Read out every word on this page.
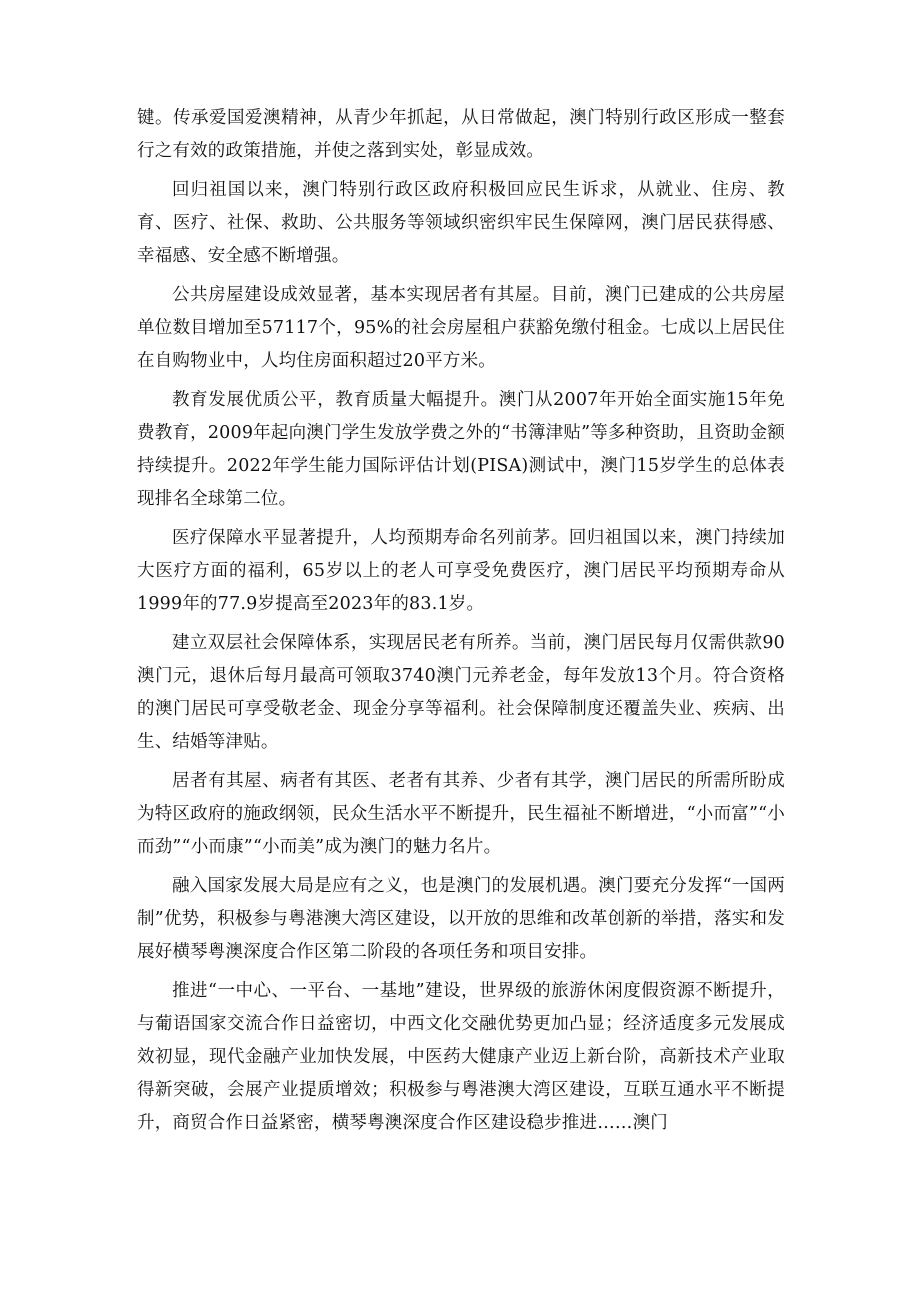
键。传承爱国爱澳精神，从青少年抓起，从日常做起，澳门特别行政区形成一整套行之有效的政策措施，并使之落到实处，彰显成效。

回归祖国以来，澳门特别行政区政府积极回应民生诉求，从就业、住房、教育、医疗、社保、救助、公共服务等领域织密织牢民生保障网，澳门居民获得感、幸福感、安全感不断增强。

公共房屋建设成效显著，基本实现居者有其屋。目前，澳门已建成的公共房屋单位数目增加至57117个，95%的社会房屋租户获豁免缴付租金。七成以上居民住在自购物业中，人均住房面积超过20平方米。

教育发展优质公平，教育质量大幅提升。澳门从2007年开始全面实施15年免费教育，2009年起向澳门学生发放学费之外的“书簿津贴”等多种资助，且资助金额持续提升。2022年学生能力国际评估计划(PISA)测试中，澳门15岁学生的总体表现排名全球第二位。

医疗保障水平显著提升，人均预期寿命名列前茅。回归祖国以来，澳门持续加大医疗方面的福利，65岁以上的老人可享受免费医疗，澳门居民平均预期寿命从1999年的77.9岁提高至2023年的83.1岁。

建立双层社会保障体系，实现居民老有所养。当前，澳门居民每月仅需供款90澳门元，退休后每月最高可领取3740澳门元养老金，每年发放13个月。符合资格的澳门居民可享受敬老金、现金分享等福利。社会保障制度还覆盖失业、疾病、出生、结婚等津贴。

居者有其屋、病者有其医、老者有其养、少者有其学，澳门居民的所需所盼成为特区政府的施政纲领，民众生活水平不断提升，民生福祉不断增进，“小而富”“小而劲”“小而康”“小而美”成为澳门的魅力名片。

融入国家发展大局是应有之义，也是澳门的发展机遇。澳门要充分发挥“一国两制”优势，积极参与粤港澳大湾区建设，以开放的思维和改革创新的举措，落实和发展好横琴粤澳深度合作区第二阶段的各项任务和项目安排。

推进“一中心、一平台、一基地”建设，世界级的旅游休闲度假资源不断提升，与葡语国家交流合作日益密切，中西文化交融优势更加凸显；经济适度多元发展成效初显，现代金融产业加快发展，中医药大健康产业迈上新台阶，高新技术产业取得新突破，会展产业提质增效；积极参与粤港澳大湾区建设，互联互通水平不断提升，商贸合作日益紧密，横琴粤澳深度合作区建设稳步推进……澳门
